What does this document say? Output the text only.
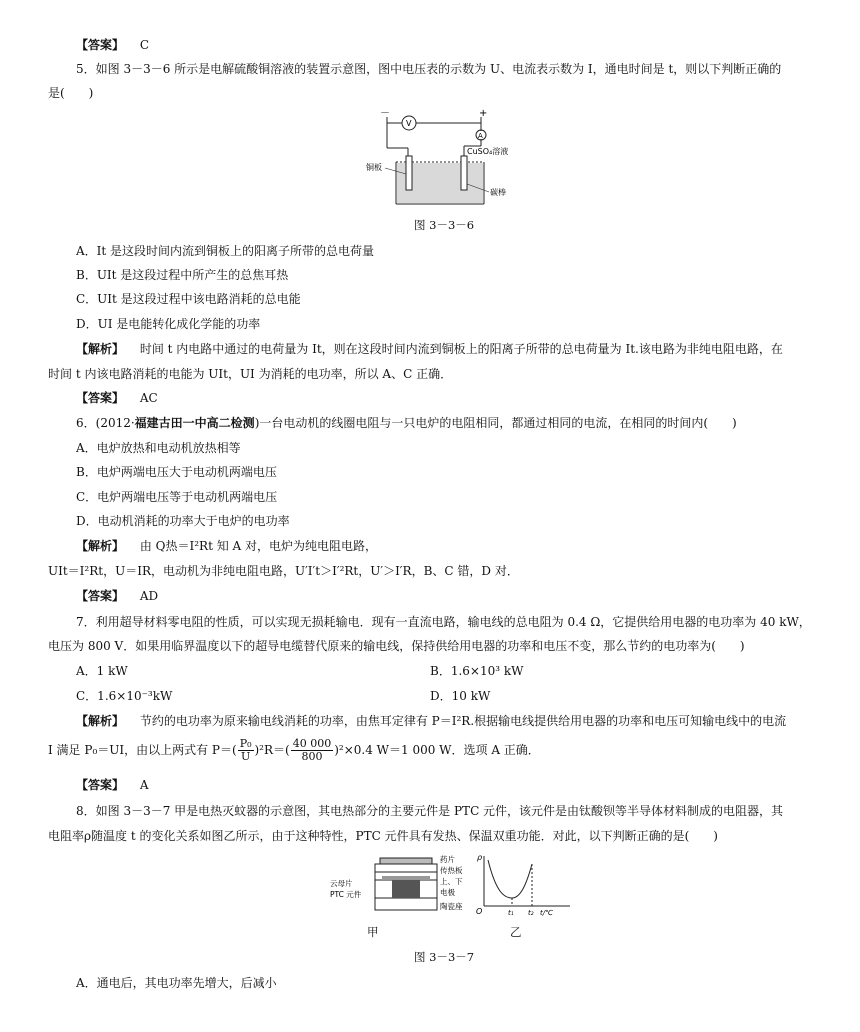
【答案】 C
5．如图 3－3－6 所示是电解硫酸铜溶液的装置示意图，图中电压表的示数为 U、电流表示数为 I，通电时间是 t，则以下判断正确的
是(　　)
－	+
V
A
CuSO₄溶液
铜板
碳棒
图 3－3－6
A．It 是这段时间内流到铜板上的阳离子所带的总电荷量
B．UIt 是这段过程中所产生的总焦耳热
C．UIt 是这段过程中该电路消耗的总电能
D．UI 是电能转化成化学能的功率
【解析】 时间 t 内电路中通过的电荷量为 It，则在这段时间内流到铜板上的阳离子所带的总电荷量为 It.该电路为非纯电阻电路，在
时间 t 内该电路消耗的电能为 UIt，UI 为消耗的电功率，所以 A、C 正确．
【答案】 AC
6．(2012·福建古田一中高二检测)一台电动机的线圈电阻与一只电炉的电阻相同，都通过相同的电流，在相同的时间内(　　)
A．电炉放热和电动机放热相等
B．电炉两端电压大于电动机两端电压
C．电炉两端电压等于电动机两端电压
D．电动机消耗的功率大于电炉的电功率
【解析】 由 Q热＝I²Rt 知 A 对，电炉为纯电阻电路，
UIt＝I²Rt，U＝IR，电动机为非纯电阻电路，U′I′t＞I′²Rt，U′＞I′R，B、C 错，D 对．
【答案】 AD
7．利用超导材料零电阻的性质，可以实现无损耗输电．现有一直流电路，输电线的总电阻为 0.4 Ω，它提供给用电器的电功率为 40 kW，
电压为 800 V．如果用临界温度以下的超导电缆替代原来的输电线，保持供给用电器的功率和电压不变，那么节约的电功率为(　　)
A．1 kW	B．1.6×10³ kW
C．1.6×10⁻³kW	D．10 kW
【解析】 节约的电功率为原来输电线消耗的功率，由焦耳定律有 P＝I²R.根据输电线提供给用电器的功率和电压可知输电线中的电流
I 满足 P₀＝UI，由以上两式有 $P=( \frac{\text{P₀}}{U} )^2R=( \frac{40 000}{800} )^2\times 0.4$ W＝1 000 W．选项 A 正确．
【答案】 A
8．如图 3－3－7 甲是电热灭蚊器的示意图，其电热部分的主要元件是 PTC 元件，该元件是由钛酸钡等半导体材料制成的电阻器，其
电阻率ρ随温度 t 的变化关系如图乙所示，由于这种特性，PTC 元件具有发热、保温双重功能．对此，以下判断正确的是(　　)
云母片
PTC 元件
药片
传热板
上、下
电极
陶瓷座
ρ
O	t₁ t₂ t/℃
甲	乙
图 3－3－7
A．通电后，其电功率先增大，后减小
